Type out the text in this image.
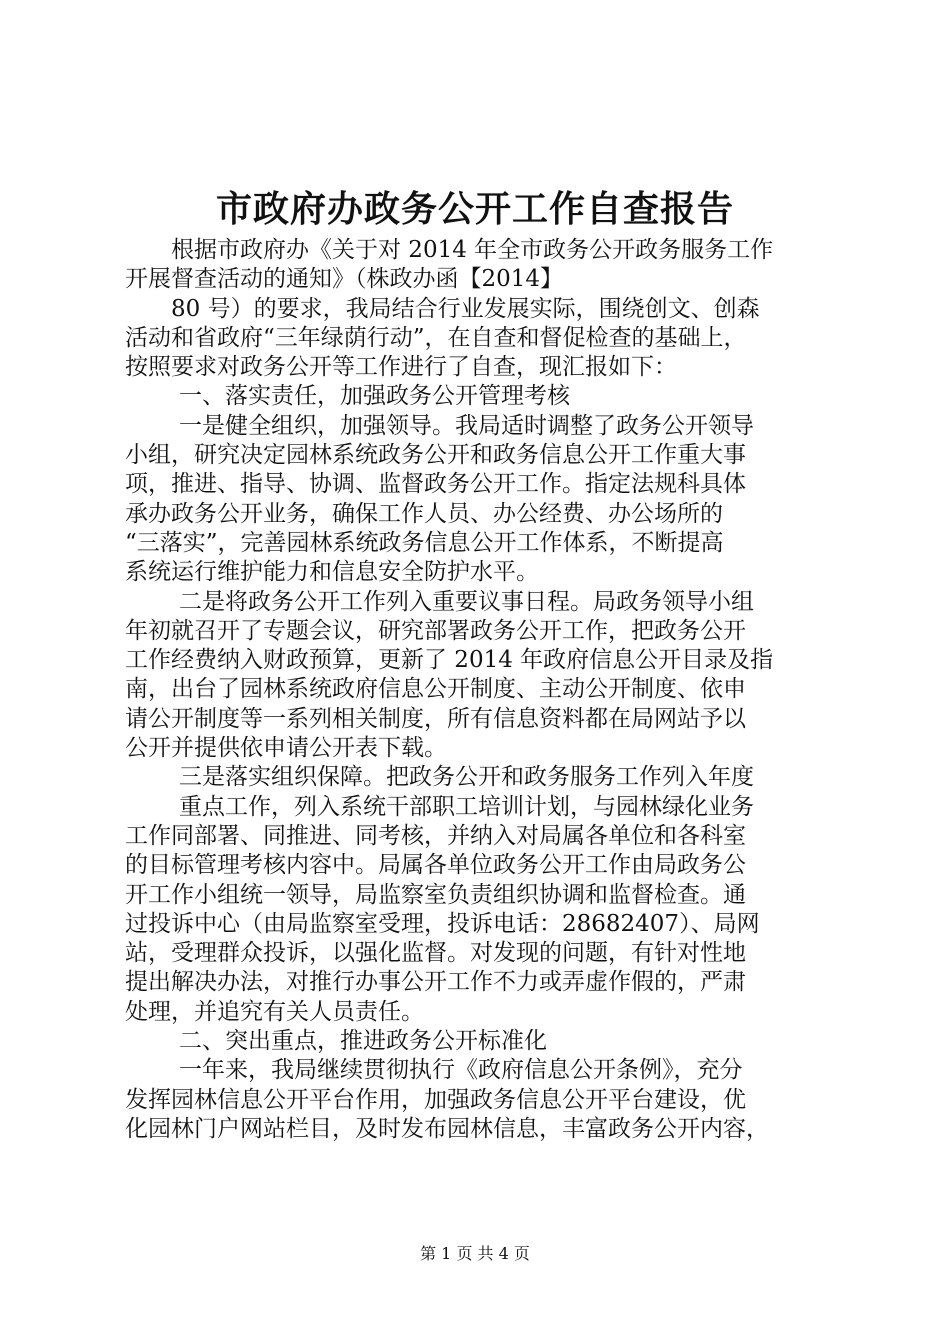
市政府办政务公开工作自查报告
根据市政府办《关于对 2014 年全市政务公开政务服务工作
开展督查活动的通知》（株政办函【2014】
80 号）的要求，我局结合行业发展实际，围绕创文、创森
活动和省政府“三年绿荫行动”，在自查和督促检查的基础上，
按照要求对政务公开等工作进行了自查，现汇报如下：
一、落实责任，加强政务公开管理考核
一是健全组织，加强领导。我局适时调整了政务公开领导
小组，研究决定园林系统政务公开和政务信息公开工作重大事
项，推进、指导、协调、监督政务公开工作。指定法规科具体
承办政务公开业务，确保工作人员、办公经费、办公场所的
“三落实”，完善园林系统政务信息公开工作体系，不断提高
系统运行维护能力和信息安全防护水平。
二是将政务公开工作列入重要议事日程。局政务领导小组
年初就召开了专题会议，研究部署政务公开工作，把政务公开
工作经费纳入财政预算，更新了 2014 年政府信息公开目录及指
南，出台了园林系统政府信息公开制度、主动公开制度、依申
请公开制度等一系列相关制度，所有信息资料都在局网站予以
公开并提供依申请公开表下载。
三是落实组织保障。把政务公开和政务服务工作列入年度
重点工作，列入系统干部职工培训计划，与园林绿化业务
工作同部署、同推进、同考核，并纳入对局属各单位和各科室
的目标管理考核内容中。局属各单位政务公开工作由局政务公
开工作小组统一领导，局监察室负责组织协调和监督检查。通
过投诉中心（由局监察室受理，投诉电话：28682407）、局网
站，受理群众投诉，以强化监督。对发现的问题，有针对性地
提出解决办法，对推行办事公开工作不力或弄虚作假的，严肃
处理，并追究有关人员责任。
二、突出重点，推进政务公开标准化
一年来，我局继续贯彻执行《政府信息公开条例》，充分
发挥园林信息公开平台作用，加强政务信息公开平台建设，优
化园林门户网站栏目，及时发布园林信息，丰富政务公开内容，
第 1 页 共 4 页
